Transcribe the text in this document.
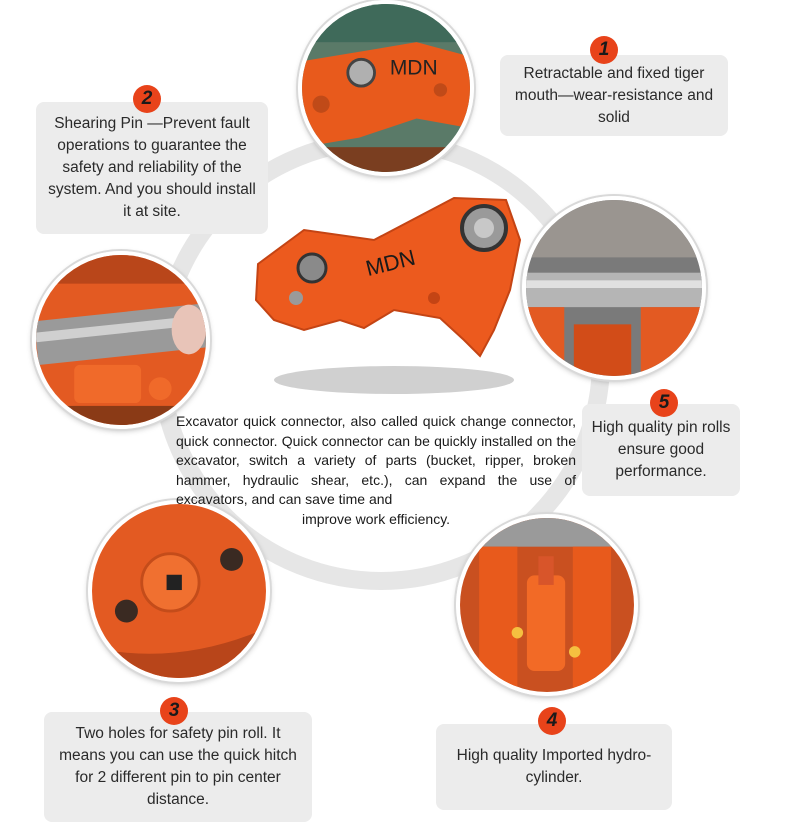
MDN
MDN
Excavator quick connector, also called quick change connector, quick connector. Quick connector can be quickly installed on the excavator, switch a variety of parts (bucket, ripper, broken hammer, hydraulic shear, etc.), can expand the use of excavators, and can save time and
improve work efficiency.
Retractable and fixed tiger mouth—wear-resistance and solid
1
Shearing Pin —Prevent fault operations to guarantee the safety and reliability of the system. And you should install it at site.
2
High quality pin rolls ensure good performance.
5
Two holes for safety pin roll. It means you can use the quick hitch for 2 different pin to pin center distance.
3
High quality Imported hydro-cylinder.
4
